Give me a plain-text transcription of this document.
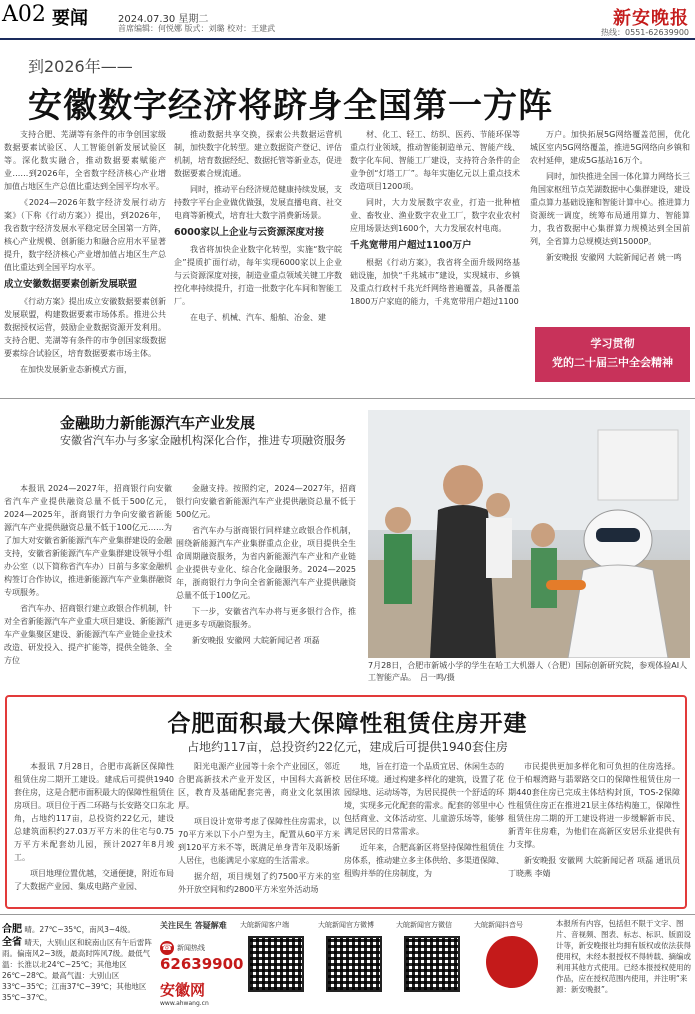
A02 要闻	2024.07.30 星期二
首席编辑：何悦娜 版式：刘璐 校对：王建武	新安晚报
热线：0551-62639900
到2026年——
安徽数字经济将跻身全国第一方阵

支持合肥、芜湖等有条件的市争创国家级数据要素试验区、人工智能创新发展试验区等。深化数实融合，推动数据要素赋能产业……到2026年，全省数字经济核心产业增加值占地区生产总值比重达到全国平均水平。

《2024—2026年数字经济发展行动方案》（下称《行动方案》）提出，到2026年，我省数字经济发展水平稳定居全国第一方阵，核心产业规模、创新能力和融合应用水平显著提升，数字经济核心产业增加值占地区生产总值比重达到全国平均水平。

成立安徽数据要素创新发展联盟

《行动方案》提出成立安徽数据要素创新发展联盟，构建数据要素市场体系。推进公共数据授权运营，鼓励企业数据资源开发利用。支持合肥、芜湖等有条件的市争创国家级数据要素综合试验区，培育数据要素市场主体。

在加快发展新业态新模式方面，

推动数据共享交换，探索公共数据运营机制，加快数字化转型。建立数据资产登记、评估机制，培育数据经纪、数据托管等新业态，促进数据要素合规流通。

同时，推动平台经济规范健康持续发展，支持数字平台企业做优做强，发展直播电商、社交电商等新模式，培育壮大数字消费新场景。

6000家以上企业与云资源深度对接

我省将加快企业数字化转型，实施“数字皖企”提质扩面行动，每年实现6000家以上企业与云资源深度对接，制造业重点领域关键工序数控化率持续提升，打造一批数字化车间和智能工厂。

在电子、机械、汽车、船舶、冶金、建

材、化工、轻工、纺织、医药、节能环保等重点行业领域，推动智能制造单元、智能产线、数字化车间、智能工厂建设，支持符合条件的企业争创“灯塔工厂”。每年实施亿元以上重点技术改造项目1200项。

同时，大力发展数字农业，打造一批种植业、畜牧业、渔业数字农业工厂，数字农业农村应用场景达到1600个，大力发展农村电商。

千兆宽带用户超过1100万户

根据《行动方案》，我省将全面升级网络基础设施，加快“千兆城市”建设，实现城市、乡镇及重点行政村千兆光纤网络普遍覆盖，具备覆盖1800万户家庭的能力，千兆宽带用户超过1100

万户。加快拓展5G网络覆盖范围，优化城区室内5G网络覆盖，推进5G网络向乡镇和农村延伸，建成5G基站16万个。

同时，加快推进全国一体化算力网络长三角国家枢纽节点芜湖数据中心集群建设，建设重点算力基础设施和智能计算中心。推进算力资源统一调度，统筹布局通用算力、智能算力，我省数据中心集群算力规模达到全国前列，全省算力总规模达到15000P。

新安晚报 安徽网 大皖新闻记者 姚一鸣

学习贯彻
党的二十届三中全会精神
金融助力新能源汽车产业发展
安徽省汽车办与多家金融机构深化合作，推进专项融资服务

本报讯 2024—2027年，招商银行向安徽省汽车产业提供融资总量不低于500亿元，2024—2025年，浙商银行力争向安徽省新能源汽车产业提供融资总量不低于100亿元……为了加大对安徽省新能源汽车产业集群建设的金融支持，安徽省新能源汽车产业集群建设领导小组办公室（以下简称省汽车办）日前与多家金融机构签订合作协议，推进新能源汽车产业集群融资专项服务。

省汽车办、招商银行建立政银合作机制，针对全省新能源汽车产业重大项目建设、新能源汽车产业集聚区建设、新能源汽车产业链企业技术改造、研发投入、提产扩能等，提供全链条、全方位

金融支持。按照约定，2024—2027年，招商银行向安徽省新能源汽车产业提供融资总量不低于500亿元。

省汽车办与浙商银行同样建立政银合作机制，围绕新能源汽车产业集群重点企业，项目提供全生命周期融资服务，为省内新能源汽车产业和产业链企业提供专业化、综合化金融服务。2024—2025年，浙商银行力争向全省新能源汽车产业提供融资总量不低于100亿元。

下一步，安徽省汽车办将与更多银行合作，推进更多专项融资服务。

新安晚报 安徽网 大皖新闻记者 项磊

7月28日，合肥市新城小学的学生在哈工大机器人（合肥）国际创新研究院，参观体验AI人工智能产品。　吕一鸣/摄
合肥面积最大保障性租赁住房开建
占地约117亩，总投资约22亿元，建成后可提供1940套住房

本报讯 7月28日，合肥市高新区保障性租赁住房二期开工建设。建成后可提供1940套住房，这是合肥市面积最大的保障性租赁住房项目。项目位于西二环路与长安路交口东北角，占地约117亩，总投资约22亿元，建设总建筑面积约27.03万平方米的住宅与0.75万平方米配套幼儿园，预计2027年8月竣工。

项目地理位置优越，交通便捷，附近布局了大数据产业园、集成电路产业园、

阳光电源产业园等十余个产业园区，邻近合肥高新技术产业开发区，中国科大高新校区，教育及基础配套完善，商业文化氛围浓厚。

项目设计宽带考虑了保障性住房需求，以70平方米以下小户型为主，配置从60平方米到120平方米不等，既满足单身青年及职场新人居住，也能满足小家庭的生活需求。

据介绍，项目规划了约7500平方米的室外开放空间和约2800平方米室外活动场

地，旨在打造一个品质宜居、休闲生态的居住环境。通过构建多样化的建筑，设置了花园绿地、运动场等，为居民提供一个舒适的环境，实现多元化配套的需求。配套的邻里中心包括商业、文体活动室、儿童游乐场等，能够满足居民的日常需求。

近年来，合肥高新区将坚持保障性租赁住房体系，推动建立多主体供给、多渠道保障、租购并举的住房制度，为

市民提供更加多样化和可负担的住房选择。位于柏堰湾路与翡翠路交口的保障性租赁住房一期440套住房已完成主体结构封顶，TOS-2保障性租赁住房正在推进21层主体结构施工，保障性租赁住房二期的开工建设将进一步缓解新市民、新青年住房难，为他们在高新区安居乐业提供有力支撑。

新安晚报 安徽网 大皖新闻记者 项磊 通讯员 丁晓燕 李婧

合肥 晴。27℃~35℃，南风3~4级。
全省 晴天，大别山区和皖南山区有午后雷阵雨。偏南风2~3级，最高时阵风7级。最低气温：长淮以北24℃~25℃；其他地区26℃~28℃。最高气温：大别山区33℃~35℃；江南37℃~39℃；其他地区35℃~37℃。
关注民生 答疑解难
☎ 新闻热线
62639900
安徽网
www.ahwang.cn
大皖新闻客户端	大皖新闻官方微博	大皖新闻官方微信	大皖新闻抖音号	本报所有内容，包括但不限于文字、图片、音视频、图表、标志、标识、版面设计等，新安晚报社均拥有版权或依法获得使用权，未经本报授权不得转载、摘编或利用其他方式使用。已经本报授权使用的作品，应在授权范围内使用，并注明“来源：新安晚报”。
